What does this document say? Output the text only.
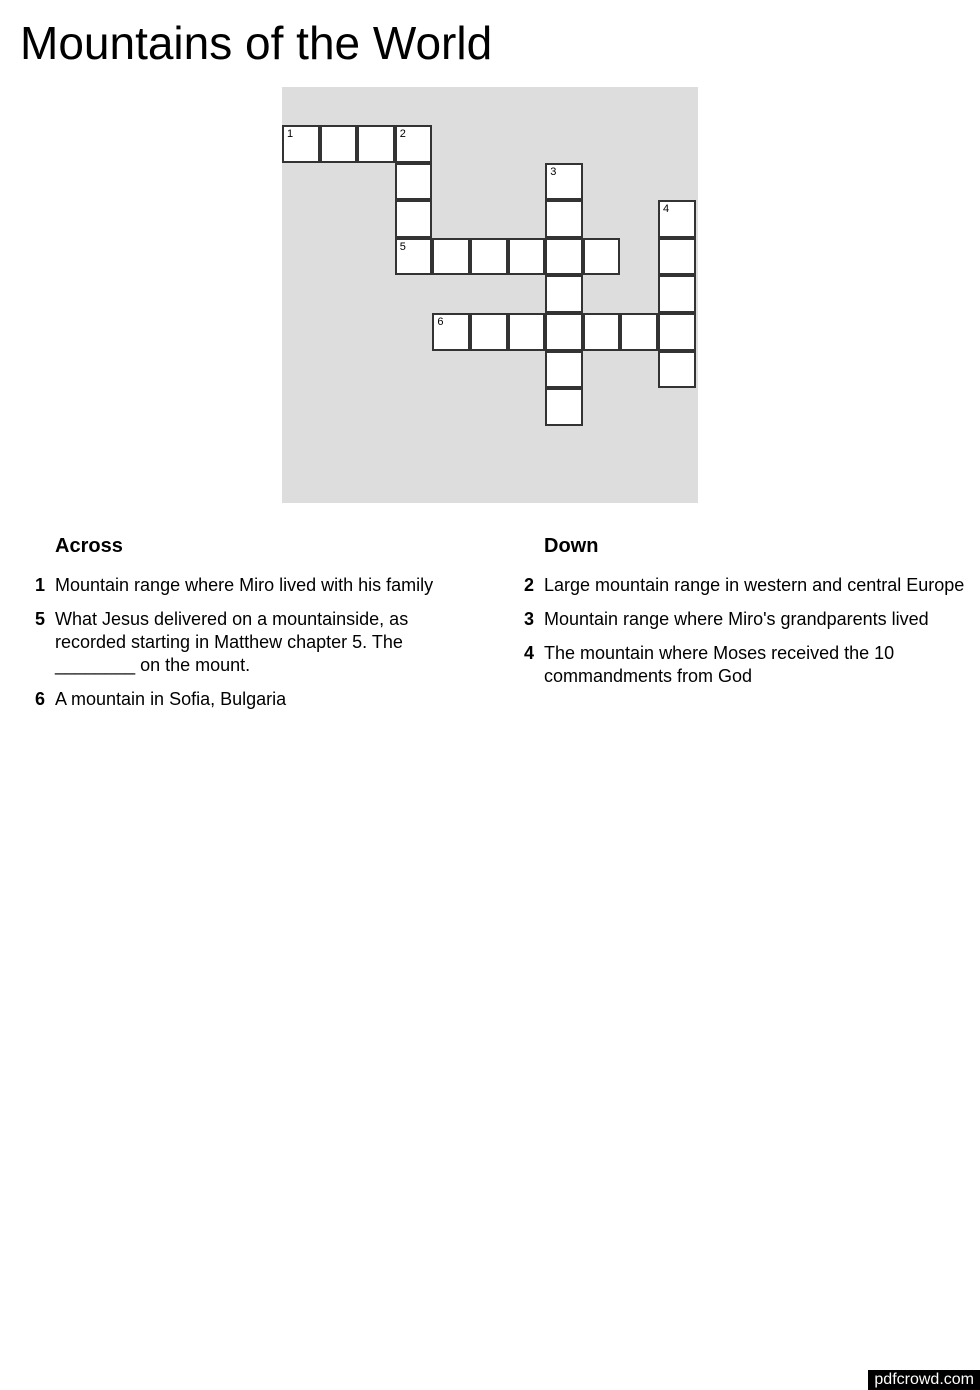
Mountains of the World
1	2
3
4
5
6
Across
1 Mountain range where Miro lived with his family
5 What Jesus delivered on a mountainside, as recorded starting in Matthew chapter 5. The ________ on the mount.
6 A mountain in Sofia, Bulgaria
Down
2 Large mountain range in western and central Europe
3 Mountain range where Miro's grandparents lived
4 The mountain where Moses received the 10 commandments from God
pdfcrowd.com
